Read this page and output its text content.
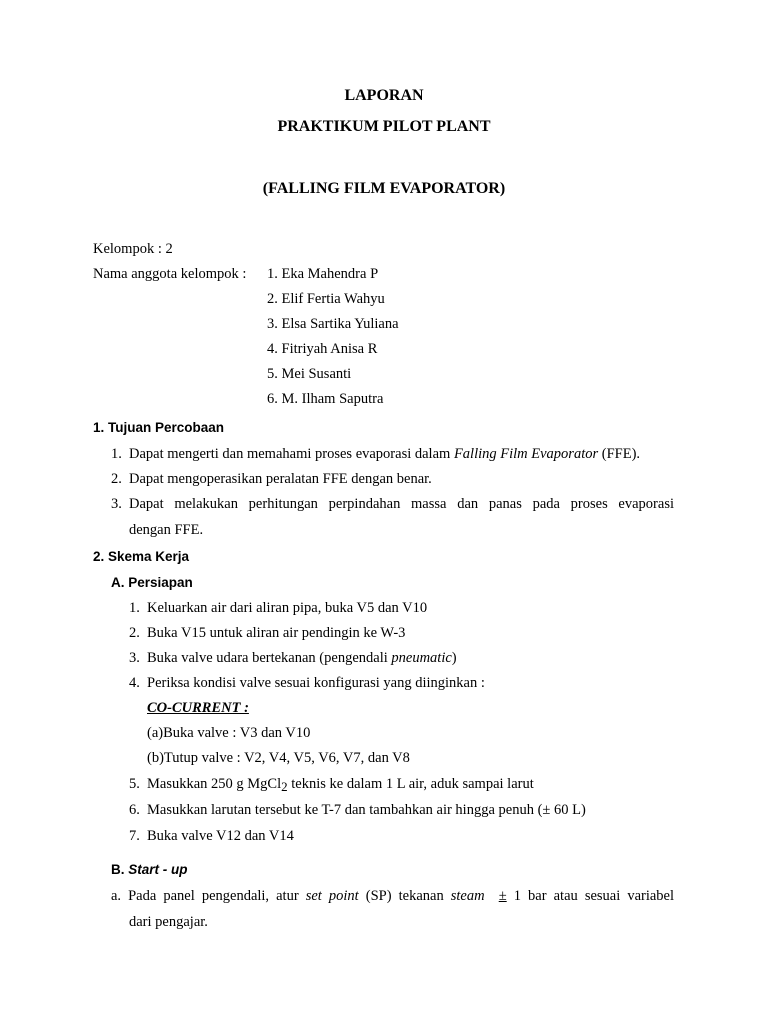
LAPORAN
PRAKTIKUM PILOT PLANT
(FALLING FILM EVAPORATOR)
Kelompok : 2
Nama anggota kelompok : 1. Eka Mahendra P
2. Elif Fertia Wahyu
3. Elsa Sartika Yuliana
4. Fitriyah Anisa R
5. Mei Susanti
6. M. Ilham Saputra
1. Tujuan Percobaan
1. Dapat mengerti dan memahami proses evaporasi dalam Falling Film Evaporator (FFE).
2. Dapat mengoperasikan peralatan FFE dengan benar.
3. Dapat melakukan perhitungan perpindahan massa dan panas pada proses evaporasi
dengan FFE.
2. Skema Kerja
A. Persiapan
1. Keluarkan air dari aliran pipa, buka V5 dan V10
2. Buka V15 untuk aliran air pendingin ke W-3
3. Buka valve udara bertekanan (pengendali pneumatic)
4. Periksa kondisi valve sesuai konfigurasi yang diinginkan :
CO-CURRENT :
(a)Buka valve : V3 dan V10
(b)Tutup valve : V2, V4, V5, V6, V7, dan V8
5. Masukkan 250 g MgCl2 teknis ke dalam 1 L air, aduk sampai larut
6. Masukkan larutan tersebut ke T-7 dan tambahkan air hingga penuh (± 60 L)
7. Buka valve V12 dan V14
B. Start - up
a. Pada panel pengendali, atur set point (SP) tekanan steam ± 1 bar atau sesuai variabel
dari pengajar.
